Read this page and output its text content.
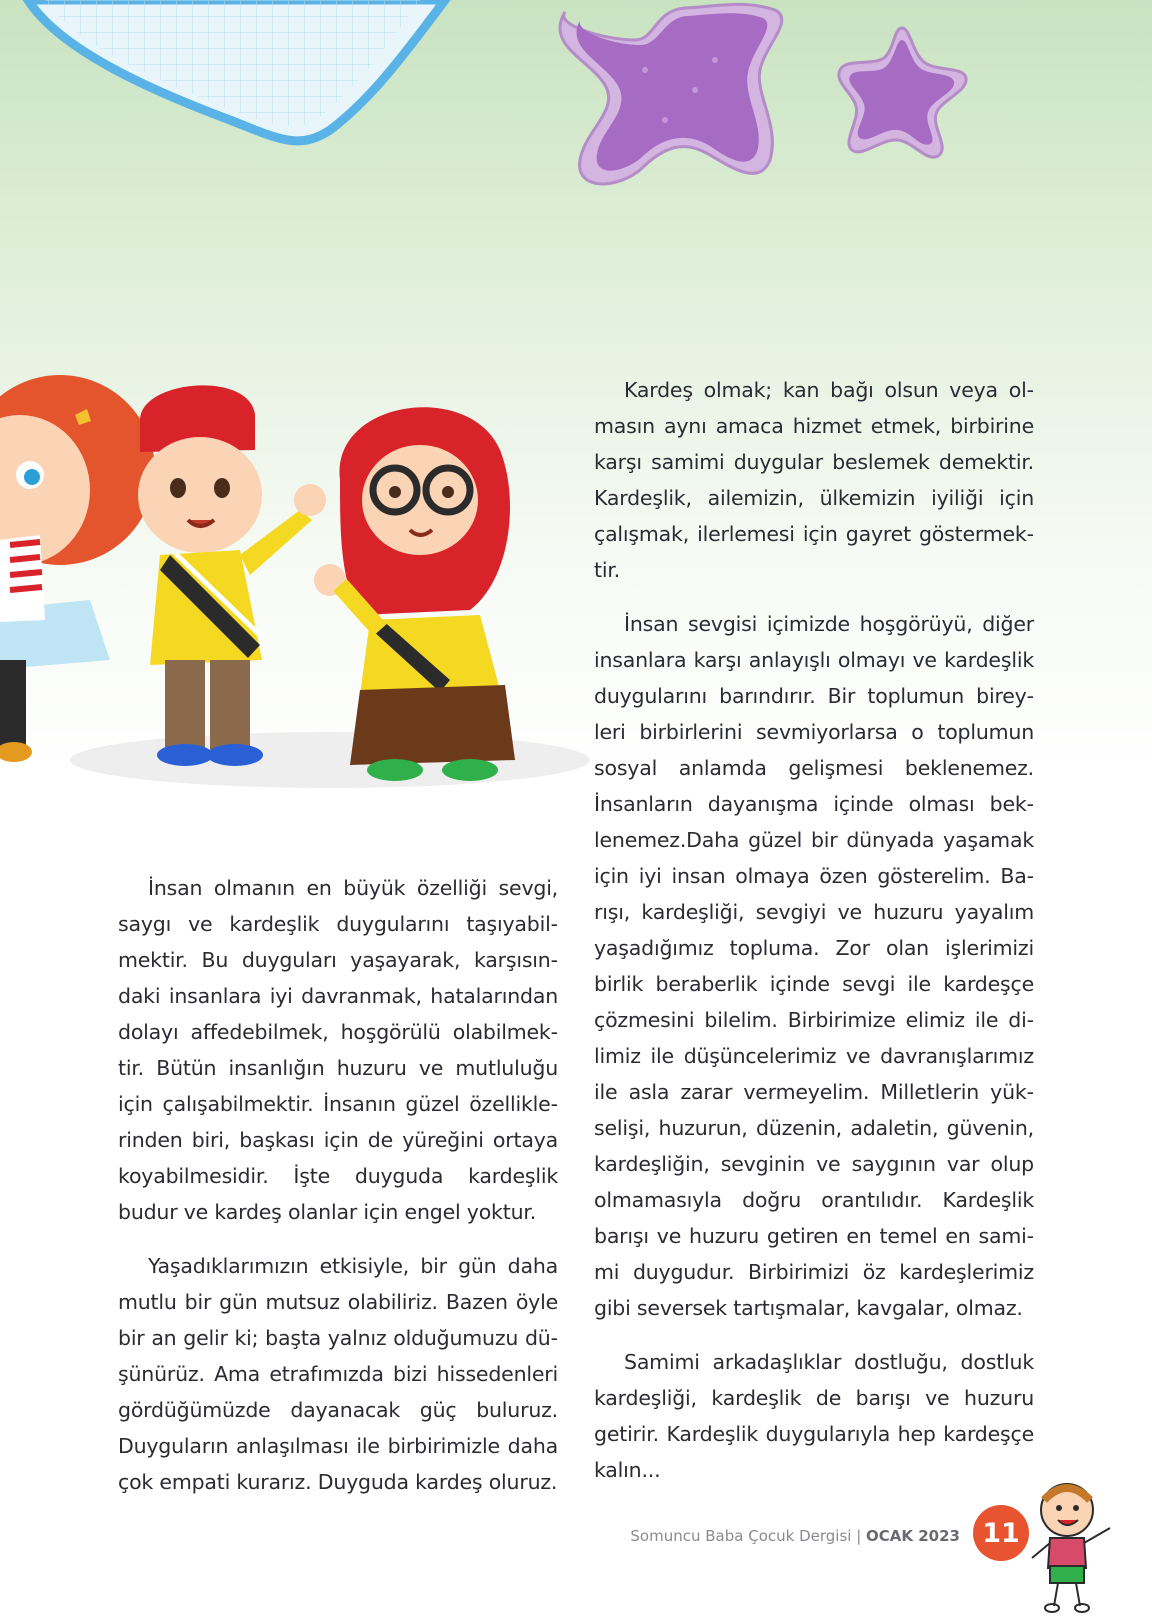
İnsan olmanın en büyük özelliği sevgi, saygı ve kardeşlik duygularını taşıyabilmektir. Bu duyguları yaşayarak, karşısındaki insanlara iyi davranmak, hatalarından dolayı affedebilmek, hoşgörülü olabilmektir. Bütün insanlığın huzuru ve mutluluğu için çalışabilmektir. İnsanın güzel özelliklerinden biri, başkası için de yüreğini ortaya koyabilmesidir. İşte duyguda kardeşlik budur ve kardeş olanlar için engel yoktur.

Yaşadıklarımızın etkisiyle, bir gün daha mutlu bir gün mutsuz olabiliriz. Bazen öyle bir an gelir ki; başta yalnız olduğumuzu düşünürüz. Ama etrafımızda bizi hissedenleri gördüğümüzde dayanacak güç buluruz. Duyguların anlaşılması ile birbirimizle daha çok empati kurarız. Duyguda kardeş oluruz.

Kardeş olmak; kan bağı olsun veya olmasın aynı amaca hizmet etmek, birbirine karşı samimi duygular beslemek demektir. Kardeşlik, ailemizin, ülkemizin iyiliği için çalışmak, ilerlemesi için gayret göstermektir.

İnsan sevgisi içimizde hoşgörüyü, diğer insanlara karşı anlayışlı olmayı ve kardeşlik duygularını barındırır. Bir toplumun bireyleri birbirlerini sevmiyorlarsa o toplumun sosyal anlamda gelişmesi beklenemez. İnsanların dayanışma içinde olması beklenemez.Daha güzel bir dünyada yaşamak için iyi insan olmaya özen gösterelim. Barışı, kardeşliği, sevgiyi ve huzuru yayalım yaşadığımız topluma. Zor olan işlerimizi birlik beraberlik içinde sevgi ile kardeşçe çözmesini bilelim. Birbirimize elimiz ile dilimiz ile düşüncelerimiz ve davranışlarımız ile asla zarar vermeyelim. Milletlerin yükselişi, huzurun, düzenin, adaletin, güvenin, kardeşliğin, sevginin ve saygının var olup olmamasıyla doğru orantılıdır. Kardeşlik barışı ve huzuru getiren en temel en samimi duygudur. Birbirimizi öz kardeşlerimiz gibi seversek tartışmalar, kavgalar, olmaz.

Samimi arkadaşlıklar dostluğu, dostluk kardeşliği, kardeşlik de barışı ve huzuru getirir. Kardeşlik duygularıyla hep kardeşçe kalın...

Somuncu Baba Çocuk Dergisi | OCAK 2023 11
